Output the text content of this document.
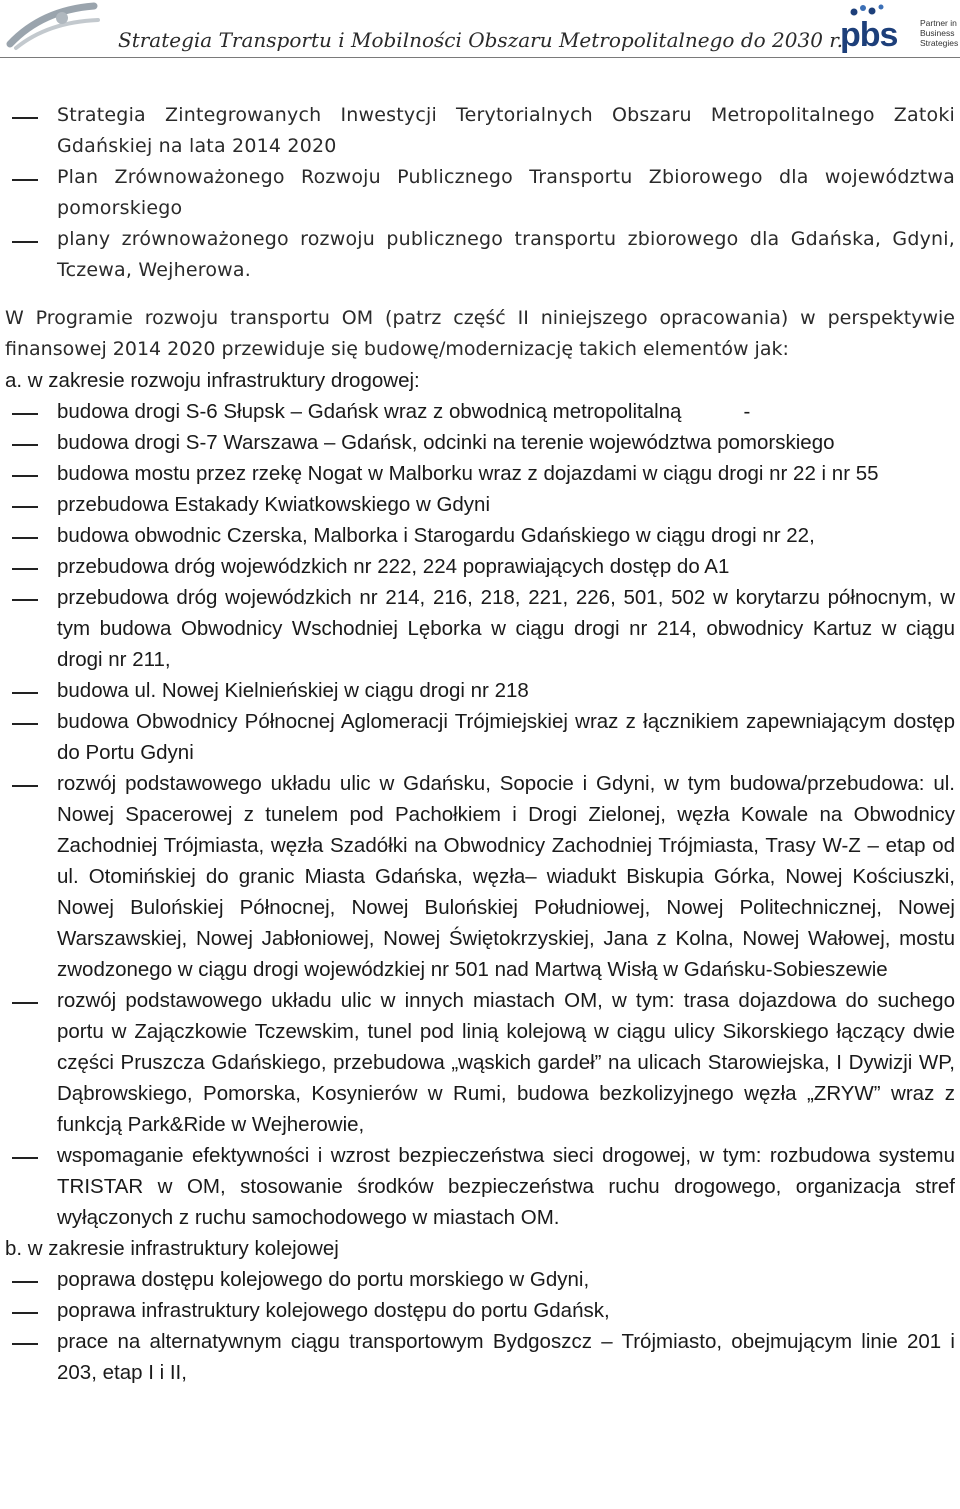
Strategia Transportu i Mobilności Obszaru Metropolitalnego do 2030 r.
pbs	Partner in
Business
Strategies
Strategia Zintegrowanych Inwestycji Terytorialnych Obszaru Metropolitalnego Zatoki Gdańskiej na lata 2014 2020
Plan Zrównoważonego Rozwoju Publicznego Transportu Zbiorowego dla województwa pomorskiego
plany zrównoważonego rozwoju publicznego transportu zbiorowego dla Gdańska, Gdyni, Tczewa, Wejherowa.

W Programie rozwoju transportu OM (patrz część II niniejszego opracowania) w perspektywie finansowej 2014 2020 przewiduje się budowę/modernizację takich elementów jak:

a. w zakresie rozwoju infrastruktury drogowej:
budowa drogi S-6 Słupsk – Gdańsk wraz z obwodnicą metropolitalną	-
budowa drogi S-7 Warszawa – Gdańsk, odcinki na terenie województwa pomorskiego
budowa mostu przez rzekę Nogat w Malborku wraz z dojazdami w ciągu drogi nr 22 i nr 55
przebudowa Estakady Kwiatkowskiego w Gdyni
budowa obwodnic Czerska, Malborka i Starogardu Gdańskiego w ciągu drogi nr 22,
przebudowa dróg wojewódzkich nr 222, 224 poprawiających dostęp do A1
przebudowa dróg wojewódzkich nr 214, 216, 218, 221, 226, 501, 502 w korytarzu północnym, w tym budowa Obwodnicy Wschodniej Lęborka w ciągu drogi nr 214, obwodnicy Kartuz w ciągu drogi nr 211,
budowa ul. Nowej Kielnieńskiej w ciągu drogi nr 218
budowa Obwodnicy Północnej Aglomeracji Trójmiejskiej wraz z łącznikiem zapewniającym dostęp do Portu Gdyni
rozwój podstawowego układu ulic w Gdańsku, Sopocie i Gdyni, w tym budowa/przebudowa: ul. Nowej Spacerowej z tunelem pod Pachołkiem i Drogi Zielonej, węzła Kowale na Obwodnicy Zachodniej Trójmiasta, węzła Szadółki na Obwodnicy Zachodniej Trójmiasta, Trasy W-Z – etap od ul. Otomińskiej do granic Miasta Gdańska, węzła– wiadukt Biskupia Górka, Nowej Kościuszki, Nowej Bulońskiej Północnej, Nowej Bulońskiej Południowej, Nowej Politechnicznej, Nowej Warszawskiej, Nowej Jabłoniowej, Nowej Świętokrzyskiej, Jana z Kolna, Nowej Wałowej, mostu zwodzonego w ciągu drogi wojewódzkiej nr 501 nad Martwą Wisłą w Gdańsku-Sobieszewie
rozwój podstawowego układu ulic w innych miastach OM, w tym: trasa dojazdowa do suchego portu w Zajączkowie Tczewskim, tunel pod linią kolejową w ciągu ulicy Sikorskiego łączący dwie części Pruszcza Gdańskiego, przebudowa „wąskich gardeł” na ulicach Starowiejska, I Dywizji WP, Dąbrowskiego, Pomorska, Kosynierów w Rumi, budowa bezkolizyjnego węzła „ZRYW” wraz z funkcją Park&Ride w Wejherowie,
wspomaganie efektywności i wzrost bezpieczeństwa sieci drogowej, w tym: rozbudowa systemu TRISTAR w OM, stosowanie środków bezpieczeństwa ruchu drogowego, organizacja stref wyłączonych z ruchu samochodowego w miastach OM.
b. w zakresie infrastruktury kolejowej
poprawa dostępu kolejowego do portu morskiego w Gdyni,
poprawa infrastruktury kolejowego dostępu do portu Gdańsk,
prace na alternatywnym ciągu transportowym Bydgoszcz – Trójmiasto, obejmującym linie 201 i 203, etap I i II,
